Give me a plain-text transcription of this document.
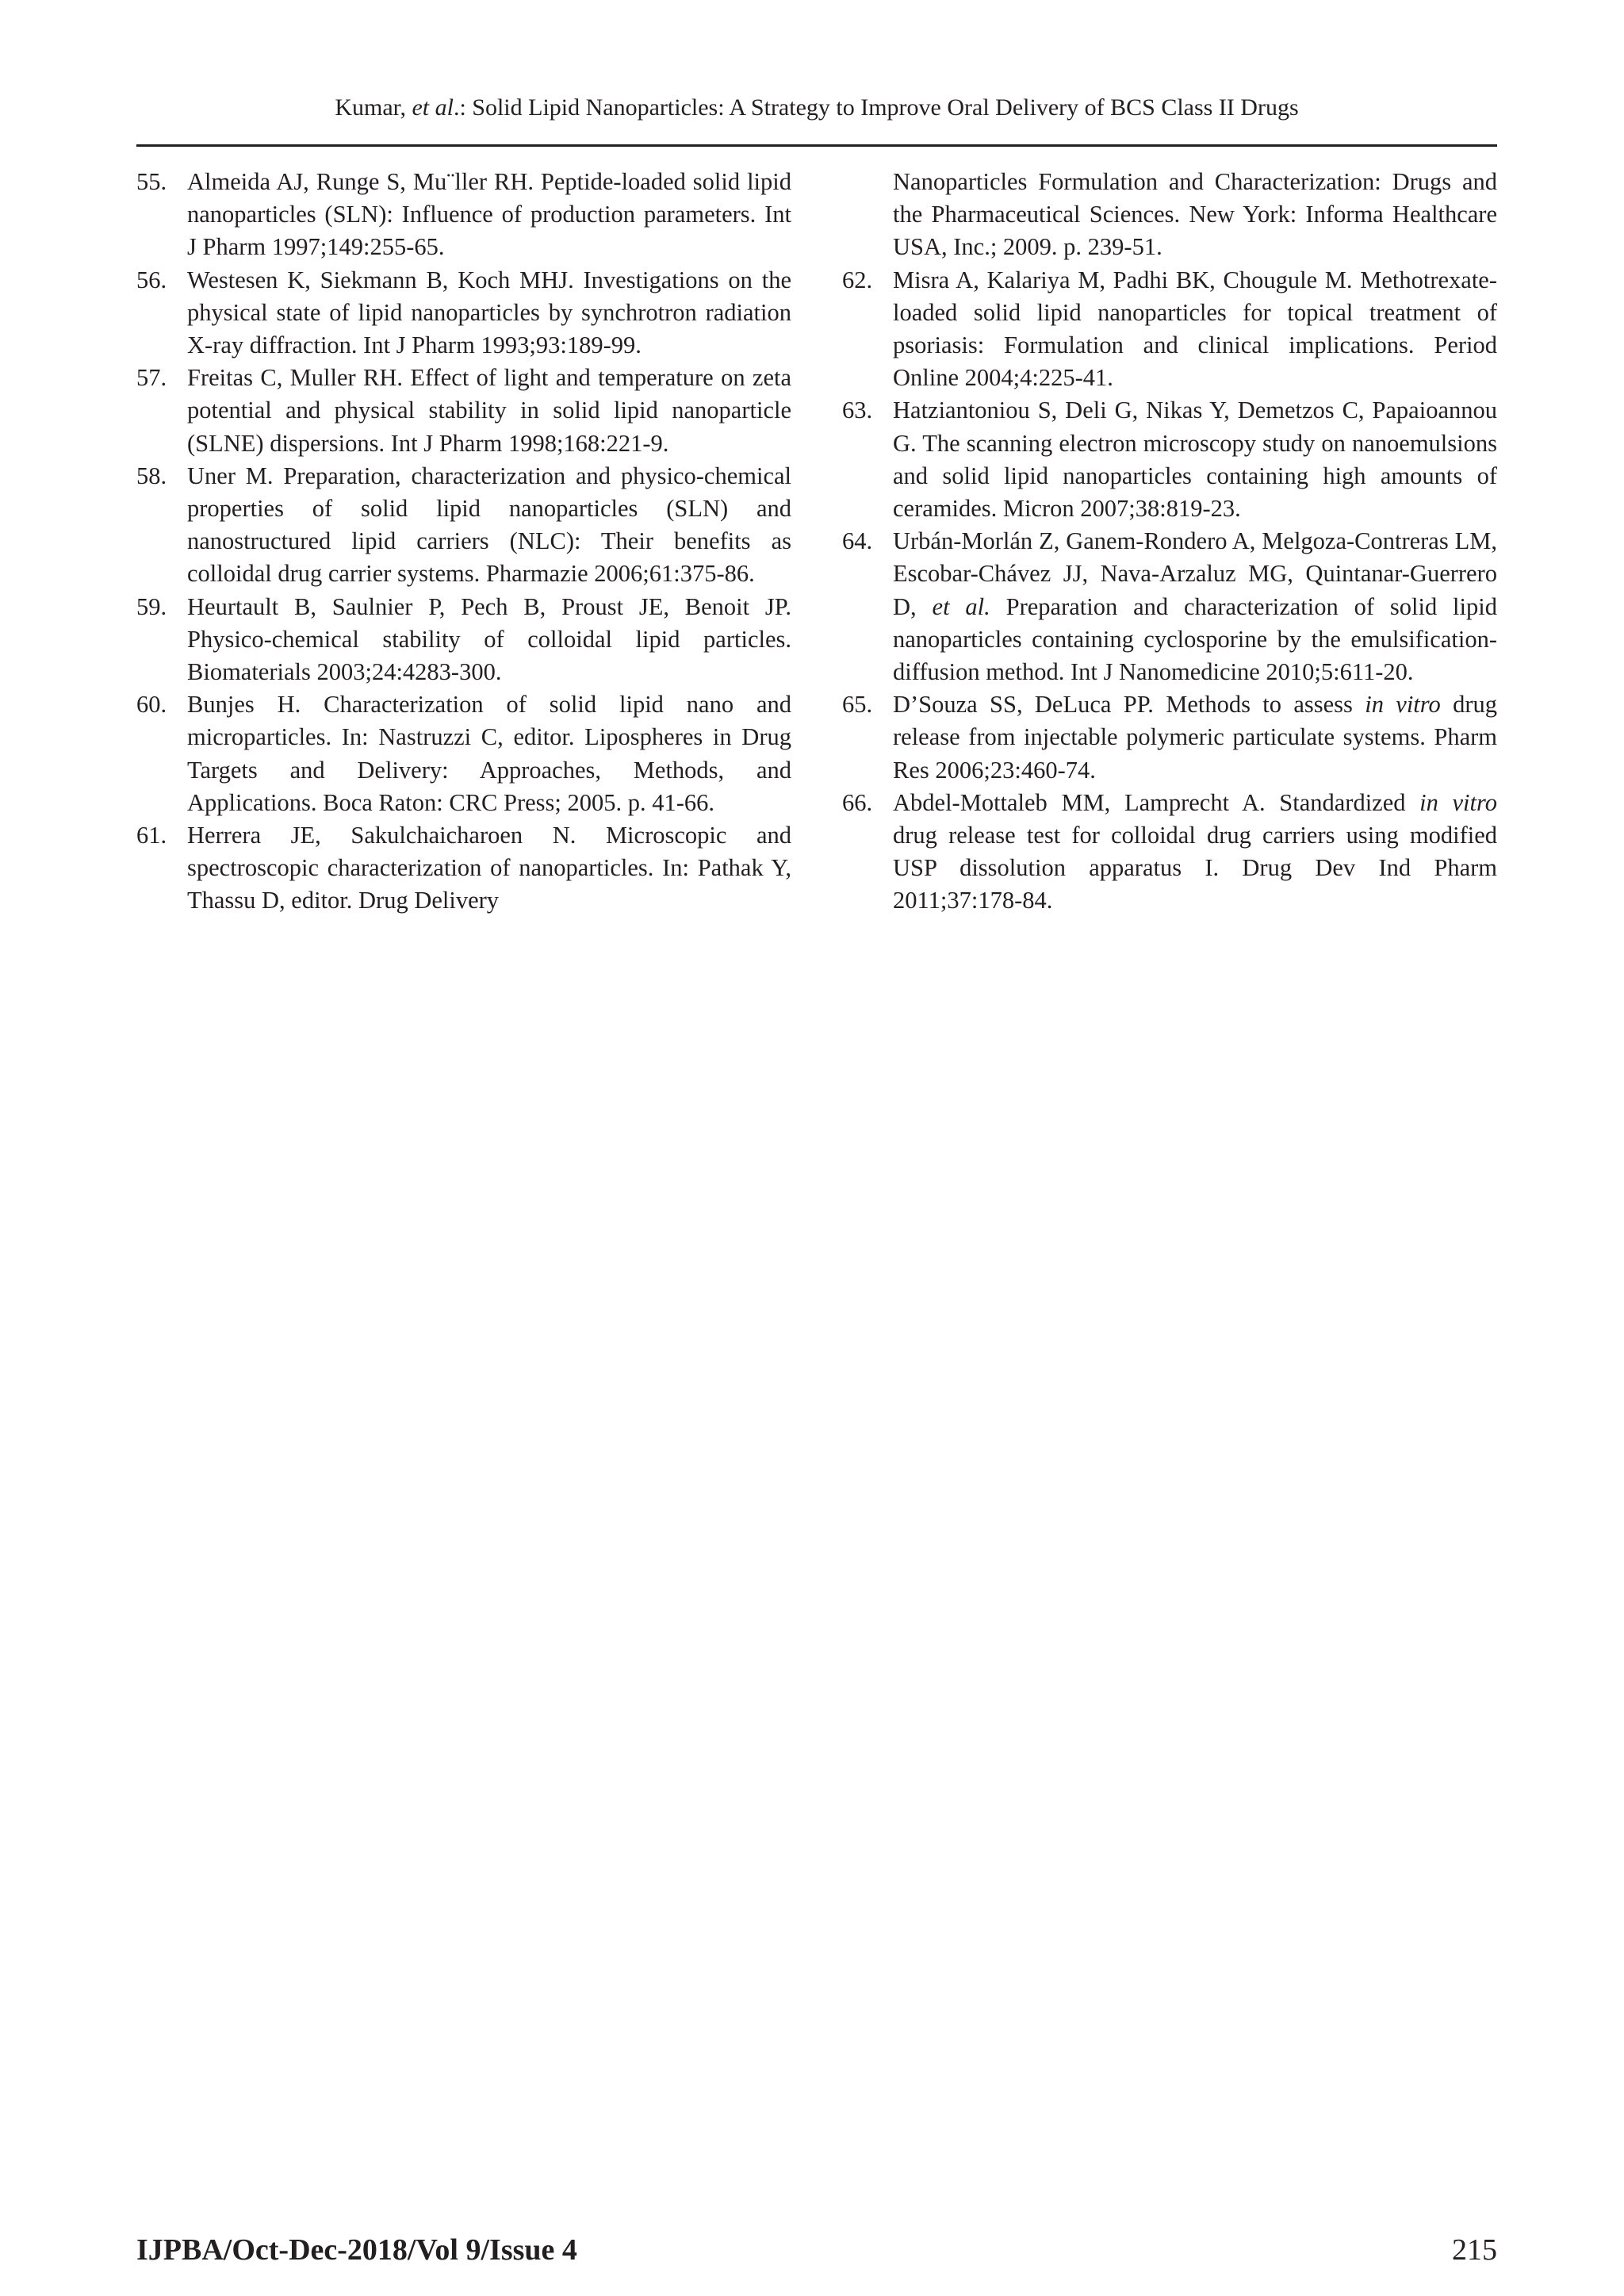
Kumar, et al.: Solid Lipid Nanoparticles: A Strategy to Improve Oral Delivery of BCS Class II Drugs
55. Almeida AJ, Runge S, Mu¨ller RH. Peptide-loaded solid lipid nanoparticles (SLN): Influence of production parameters. Int J Pharm 1997;149:255-65.
56. Westesen K, Siekmann B, Koch MHJ. Investigations on the physical state of lipid nanoparticles by synchrotron radiation X-ray diffraction. Int J Pharm 1993;93:189-99.
57. Freitas C, Muller RH. Effect of light and temperature on zeta potential and physical stability in solid lipid nanoparticle (SLNE) dispersions. Int J Pharm 1998;168:221-9.
58. Uner M. Preparation, characterization and physico-chemical properties of solid lipid nanoparticles (SLN) and nanostructured lipid carriers (NLC): Their benefits as colloidal drug carrier systems. Pharmazie 2006;61:375-86.
59. Heurtault B, Saulnier P, Pech B, Proust JE, Benoit JP. Physico-chemical stability of colloidal lipid particles. Biomaterials 2003;24:4283-300.
60. Bunjes H. Characterization of solid lipid nano and microparticles. In: Nastruzzi C, editor. Lipospheres in Drug Targets and Delivery: Approaches, Methods, and Applications. Boca Raton: CRC Press; 2005. p. 41-66.
61. Herrera JE, Sakulchaicharoen N. Microscopic and spectroscopic characterization of nanoparticles. In: Pathak Y, Thassu D, editor. Drug Delivery
Nanoparticles Formulation and Characterization: Drugs and the Pharmaceutical Sciences. New York: Informa Healthcare USA, Inc.; 2009. p. 239-51.
62. Misra A, Kalariya M, Padhi BK, Chougule M. Methotrexate-loaded solid lipid nanoparticles for topical treatment of psoriasis: Formulation and clinical implications. Period Online 2004;4:225-41.
63. Hatziantoniou S, Deli G, Nikas Y, Demetzos C, Papaioannou G. The scanning electron microscopy study on nanoemulsions and solid lipid nanoparticles containing high amounts of ceramides. Micron 2007;38:819-23.
64. Urbán-Morlán Z, Ganem-Rondero A, Melgoza-Contreras LM, Escobar-Chávez JJ, Nava-Arzaluz MG, Quintanar-Guerrero D, et al. Preparation and characterization of solid lipid nanoparticles containing cyclosporine by the emulsification-diffusion method. Int J Nanomedicine 2010;5:611-20.
65. D’Souza SS, DeLuca PP. Methods to assess in vitro drug release from injectable polymeric particulate systems. Pharm Res 2006;23:460-74.
66. Abdel-Mottaleb MM, Lamprecht A. Standardized in vitro drug release test for colloidal drug carriers using modified USP dissolution apparatus I. Drug Dev Ind Pharm 2011;37:178-84.
IJPBA/Oct-Dec-2018/Vol 9/Issue 4	215
